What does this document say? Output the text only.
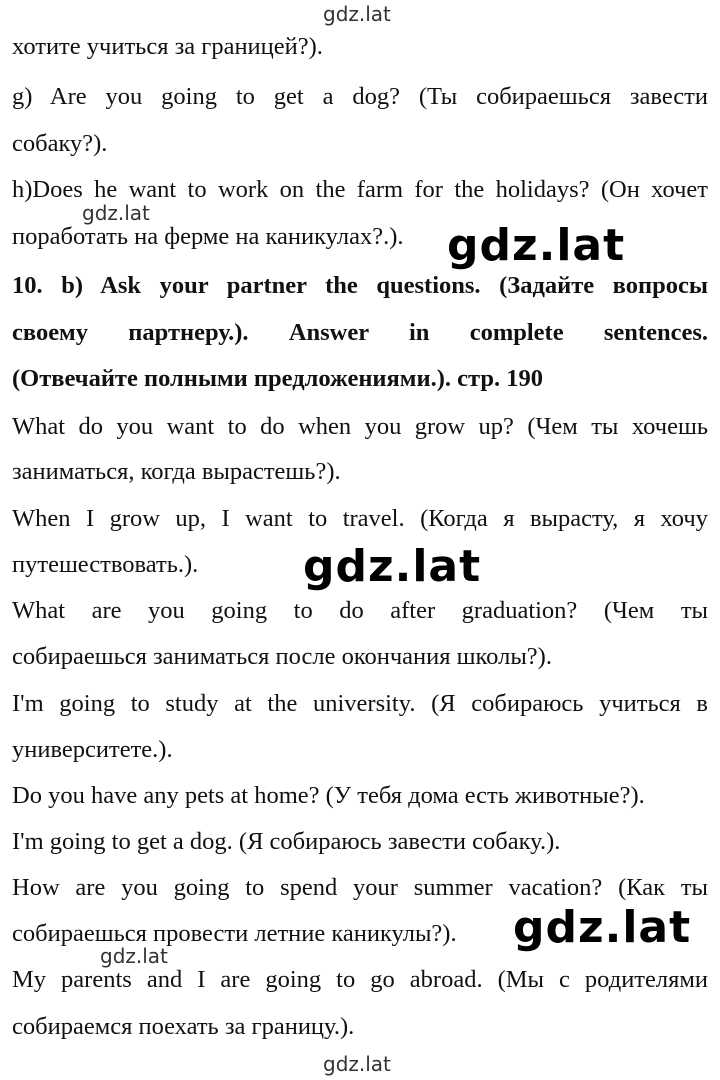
gdz.lat
gdz.lat
gdz.lat
gdz.lat
хотите учиться за границей?).
g) Are you going to get a dog? (Ты собираешься завести
собаку?).
h)Does he want to work on the farm for the holidays? (Он хочет
поработать на ферме на каникулах?.).
10. b) Ask your partner the questions. (Задайте вопросы
своему партнеру.). Answer in complete sentences.
(Отвечайте полными предложениями.). стр. 190
What do you want to do when you grow up? (Чем ты хочешь
заниматься, когда вырастешь?).
When I grow up, I want to travel. (Когда я вырасту, я хочу
путешествовать.).
What are you going to do after graduation? (Чем ты
собираешься заниматься после окончания школы?).
I'm going to study at the university. (Я собираюсь учиться в
университете.).
Do you have any pets at home? (У тебя дома есть животные?).
I'm going to get a dog. (Я собираюсь завести собаку.).
How are you going to spend your summer vacation? (Как ты
собираешься провести летние каникулы?).
My parents and I are going to go abroad. (Мы с родителями
собираемся поехать за границу.).
gdz.lat
gdz.lat
gdz.lat
